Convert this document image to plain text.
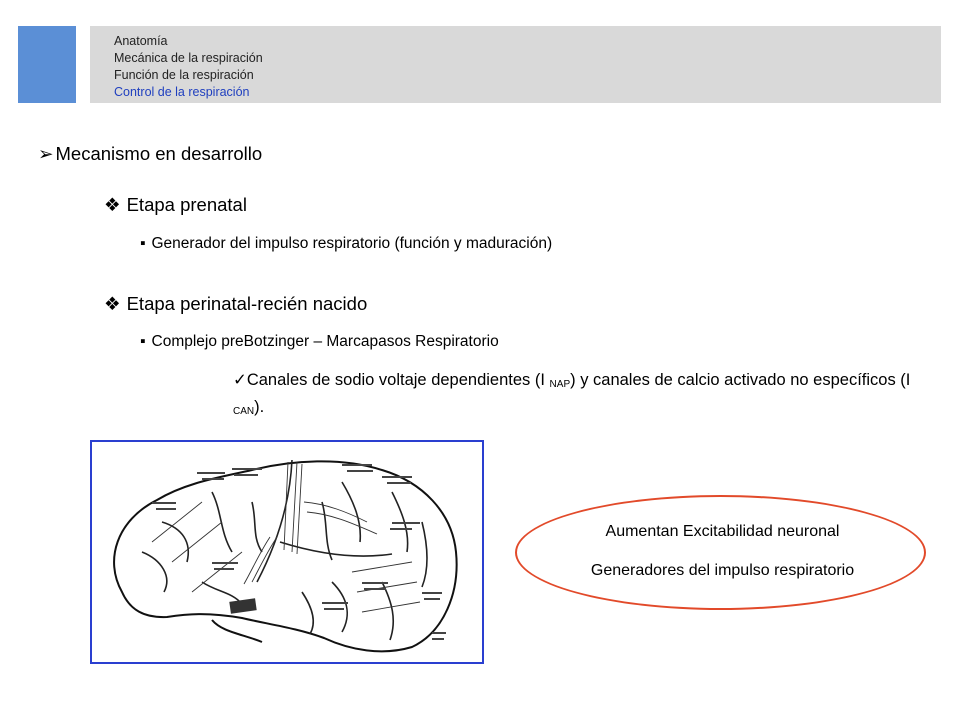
Anatomía
Mecánica de la respiración
Función de la respiración
Control de la respiración
➢ Mecanismo en desarrollo
❖ Etapa prenatal
▪ Generador del impulso respiratorio (función y maduración)
❖ Etapa perinatal-recién nacido
▪ Complejo preBotzinger – Marcapasos Respiratorio
✓Canales de sodio voltaje dependientes (I $_{NAP}$) y canales de calcio activado no específicos (I $_{CAN}$).
Aumentan Excitabilidad neuronal
Generadores del impulso respiratorio
